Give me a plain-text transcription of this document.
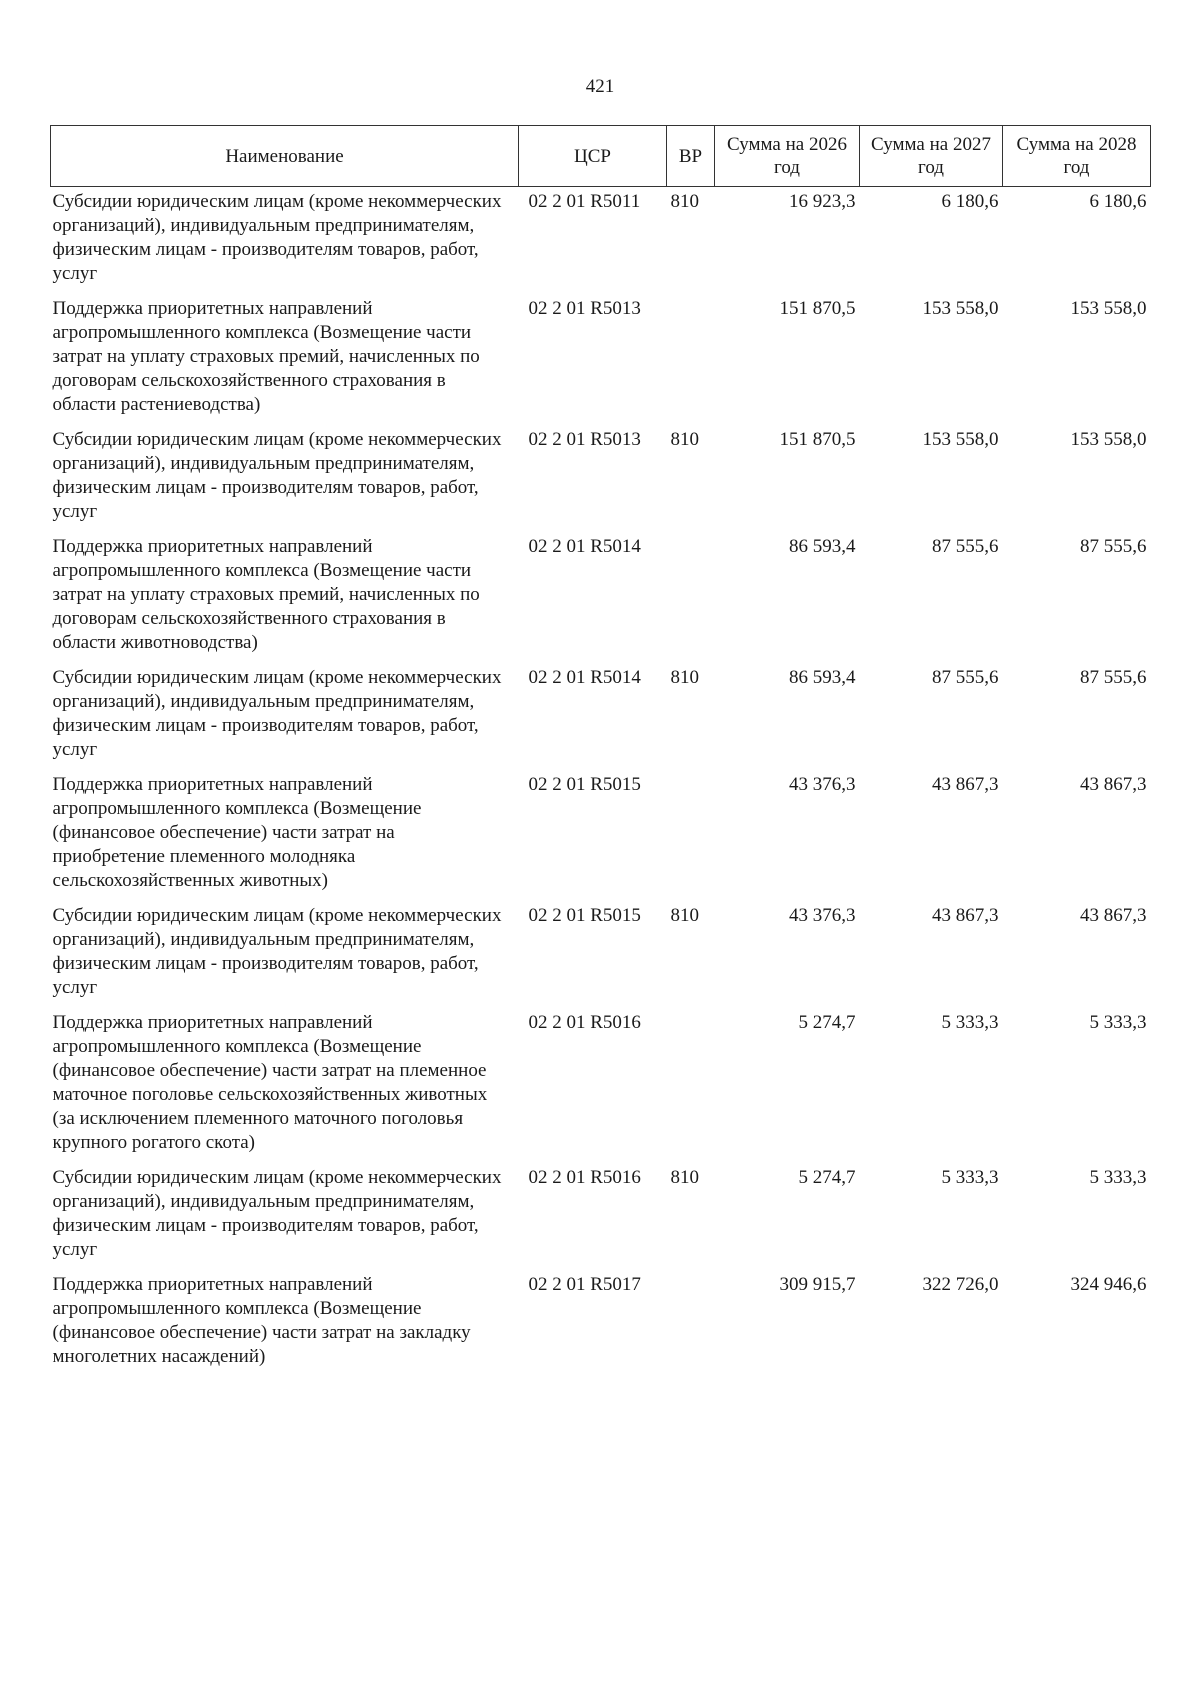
421
Наименование	ЦСР	ВР	Сумма на 2026 год	Сумма на 2027 год	Сумма на 2028 год
Субсидии юридическим лицам (кроме некоммерческих организаций), индивидуальным предпринимателям, физическим лицам - производителям товаров, работ, услуг	02 2 01 R5011	810	16 923,3	6 180,6	6 180,6
Поддержка приоритетных направлений агропромышленного комплекса (Возмещение части затрат на уплату страховых премий, начисленных по договорам сельскохозяйственного страхования в области растениеводства)	02 2 01 R5013		151 870,5	153 558,0	153 558,0
Субсидии юридическим лицам (кроме некоммерческих организаций), индивидуальным предпринимателям, физическим лицам - производителям товаров, работ, услуг	02 2 01 R5013	810	151 870,5	153 558,0	153 558,0
Поддержка приоритетных направлений агропромышленного комплекса (Возмещение части затрат на уплату страховых премий, начисленных по договорам сельскохозяйственного страхования в области животноводства)	02 2 01 R5014		86 593,4	87 555,6	87 555,6
Субсидии юридическим лицам (кроме некоммерческих организаций), индивидуальным предпринимателям, физическим лицам - производителям товаров, работ, услуг	02 2 01 R5014	810	86 593,4	87 555,6	87 555,6
Поддержка приоритетных направлений агропромышленного комплекса (Возмещение (финансовое обеспечение) части затрат на приобретение племенного молодняка сельскохозяйственных животных)	02 2 01 R5015		43 376,3	43 867,3	43 867,3
Субсидии юридическим лицам (кроме некоммерческих организаций), индивидуальным предпринимателям, физическим лицам - производителям товаров, работ, услуг	02 2 01 R5015	810	43 376,3	43 867,3	43 867,3
Поддержка приоритетных направлений агропромышленного комплекса (Возмещение (финансовое обеспечение) части затрат на племенное маточное поголовье сельскохозяйственных животных (за исключением племенного маточного поголовья крупного рогатого скота)	02 2 01 R5016		5 274,7	5 333,3	5 333,3
Субсидии юридическим лицам (кроме некоммерческих организаций), индивидуальным предпринимателям, физическим лицам - производителям товаров, работ, услуг	02 2 01 R5016	810	5 274,7	5 333,3	5 333,3
Поддержка приоритетных направлений агропромышленного комплекса (Возмещение (финансовое обеспечение) части затрат на закладку многолетних насаждений)	02 2 01 R5017		309 915,7	322 726,0	324 946,6
